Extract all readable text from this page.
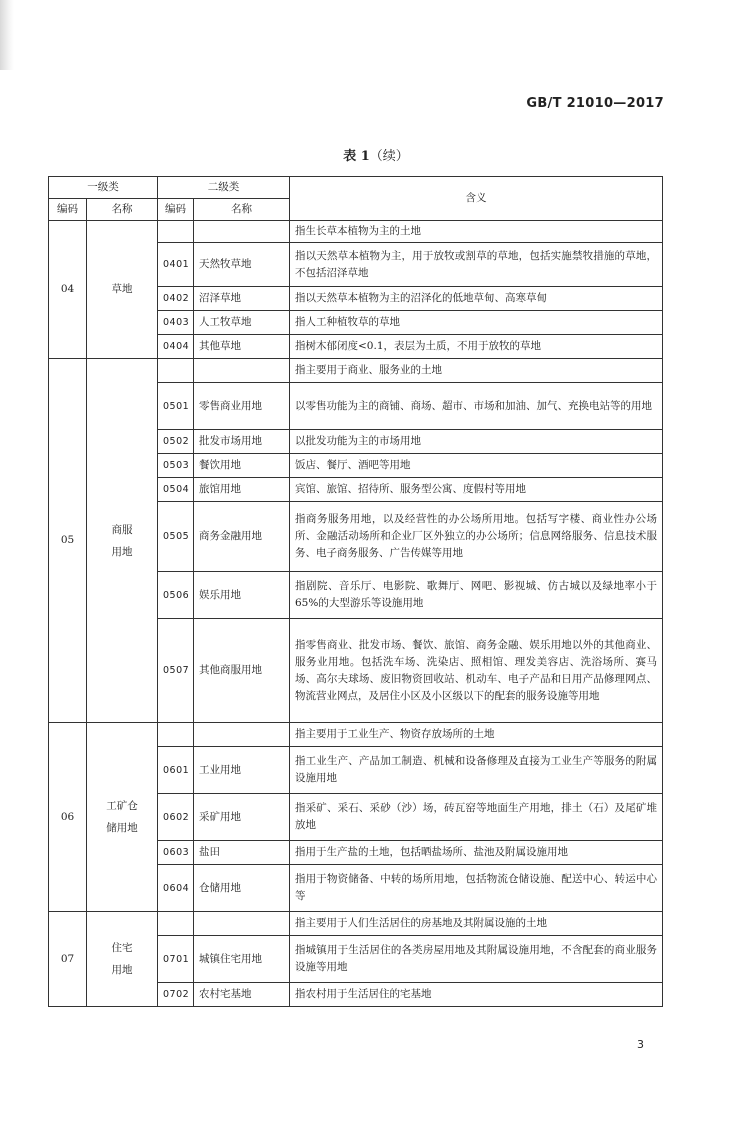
GB/T 21010—2017
表 1（续）
一级类		二级类		含义
编码	名称	编码	名称	
04	草地			指生长草本植物为主的土地
		0401	天然牧草地	指以天然草本植物为主，用于放牧或割草的草地，包括实施禁牧措施的草地，不包括沼泽草地
		0402	沼泽草地	指以天然草本植物为主的沼泽化的低地草甸、高寒草甸
		0403	人工牧草地	指人工种植牧草的草地
		0404	其他草地	指树木郁闭度<0.1，表层为土质，不用于放牧的草地
05	商服用地			指主要用于商业、服务业的土地
		0501	零售商业用地	以零售功能为主的商铺、商场、超市、市场和加油、加气、充换电站等的用地
		0502	批发市场用地	以批发功能为主的市场用地
		0503	餐饮用地	饭店、餐厅、酒吧等用地
		0504	旅馆用地	宾馆、旅馆、招待所、服务型公寓、度假村等用地
		0505	商务金融用地	指商务服务用地，以及经营性的办公场所用地。包括写字楼、商业性办公场所、金融活动场所和企业厂区外独立的办公场所；信息网络服务、信息技术服务、电子商务服务、广告传媒等用地
		0506	娱乐用地	指剧院、音乐厅、电影院、歌舞厅、网吧、影视城、仿古城以及绿地率小于65%的大型游乐等设施用地
		0507	其他商服用地	指零售商业、批发市场、餐饮、旅馆、商务金融、娱乐用地以外的其他商业、服务业用地。包括洗车场、洗染店、照相馆、理发美容店、洗浴场所、赛马场、高尔夫球场、废旧物资回收站、机动车、电子产品和日用产品修理网点、物流营业网点，及居住小区及小区级以下的配套的服务设施等用地
06	工矿仓储用地			指主要用于工业生产、物资存放场所的土地
		0601	工业用地	指工业生产、产品加工制造、机械和设备修理及直接为工业生产等服务的附属设施用地
		0602	采矿用地	指采矿、采石、采砂（沙）场，砖瓦窑等地面生产用地，排土（石）及尾矿堆放地
		0603	盐田	指用于生产盐的土地，包括晒盐场所、盐池及附属设施用地
		0604	仓储用地	指用于物资储备、中转的场所用地，包括物流仓储设施、配送中心、转运中心等
07	住宅用地			指主要用于人们生活居住的房基地及其附属设施的土地
		0701	城镇住宅用地	指城镇用于生活居住的各类房屋用地及其附属设施用地，不含配套的商业服务设施等用地
		0702	农村宅基地	指农村用于生活居住的宅基地
3
